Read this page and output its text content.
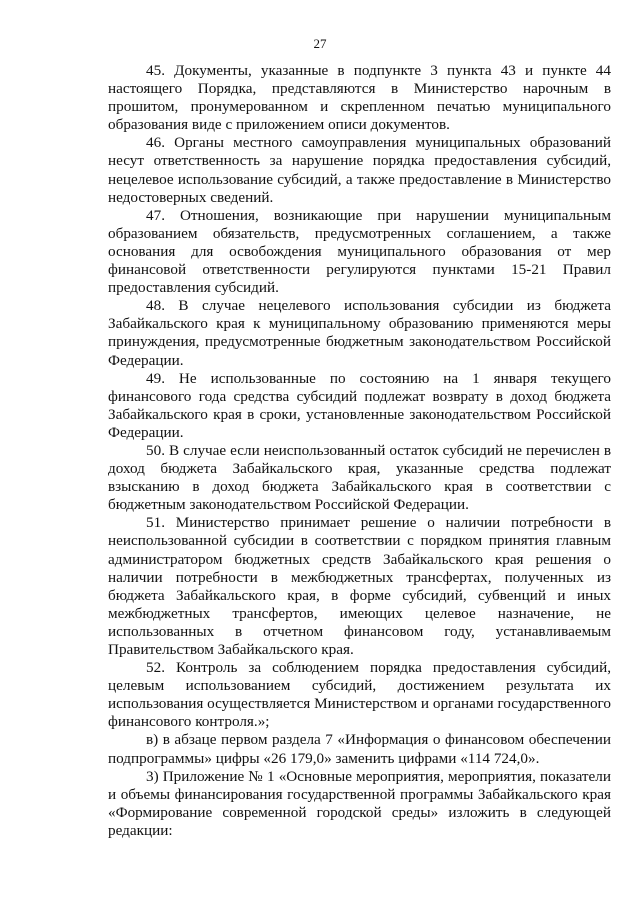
27

45. Документы, указанные в подпункте 3 пункта 43 и пункте 44 настоящего Порядка, представляются в Министерство нарочным в прошитом, пронумерованном и скрепленном печатью муниципального образования виде с приложением описи документов.

46. Органы местного самоуправления муниципальных образований несут ответственность за нарушение порядка предоставления субсидий, нецелевое использование субсидий, а также предоставление в Министерство недостоверных сведений.

47. Отношения, возникающие при нарушении муниципальным образованием обязательств, предусмотренных соглашением, а также основания для освобождения муниципального образования от мер финансовой ответственности регулируются пунктами 15-21 Правил предоставления субсидий.

48. В случае нецелевого использования субсидии из бюджета Забайкальского края к муниципальному образованию применяются меры принуждения, предусмотренные бюджетным законодательством Российской Федерации.

49. Не использованные по состоянию на 1 января текущего финансового года средства субсидий подлежат возврату в доход бюджета Забайкальского края в сроки, установленные законодательством Российской Федерации.

50. В случае если неиспользованный остаток субсидий не перечислен в доход бюджета Забайкальского края, указанные средства подлежат взысканию в доход бюджета Забайкальского края в соответствии с бюджетным законодательством Российской Федерации.

51. Министерство принимает решение о наличии потребности в неиспользованной субсидии в соответствии с порядком принятия главным администратором бюджетных средств Забайкальского края решения о наличии потребности в межбюджетных трансфертах, полученных из бюджета Забайкальского края, в форме субсидий, субвенций и иных межбюджетных трансфертов, имеющих целевое назначение, не использованных в отчетном финансовом году, устанавливаемым Правительством Забайкальского края.

52. Контроль за соблюдением порядка предоставления субсидий, целевым использованием субсидий, достижением результата их использования осуществляется Министерством и органами государственного финансового контроля.»;

в) в абзаце первом раздела 7 «Информация о финансовом обеспечении подпрограммы» цифры «26 179,0» заменить цифрами «114 724,0».

3) Приложение № 1 «Основные мероприятия, мероприятия, показатели и объемы финансирования государственной программы Забайкальского края «Формирование современной городской среды» изложить в следующей редакции:
